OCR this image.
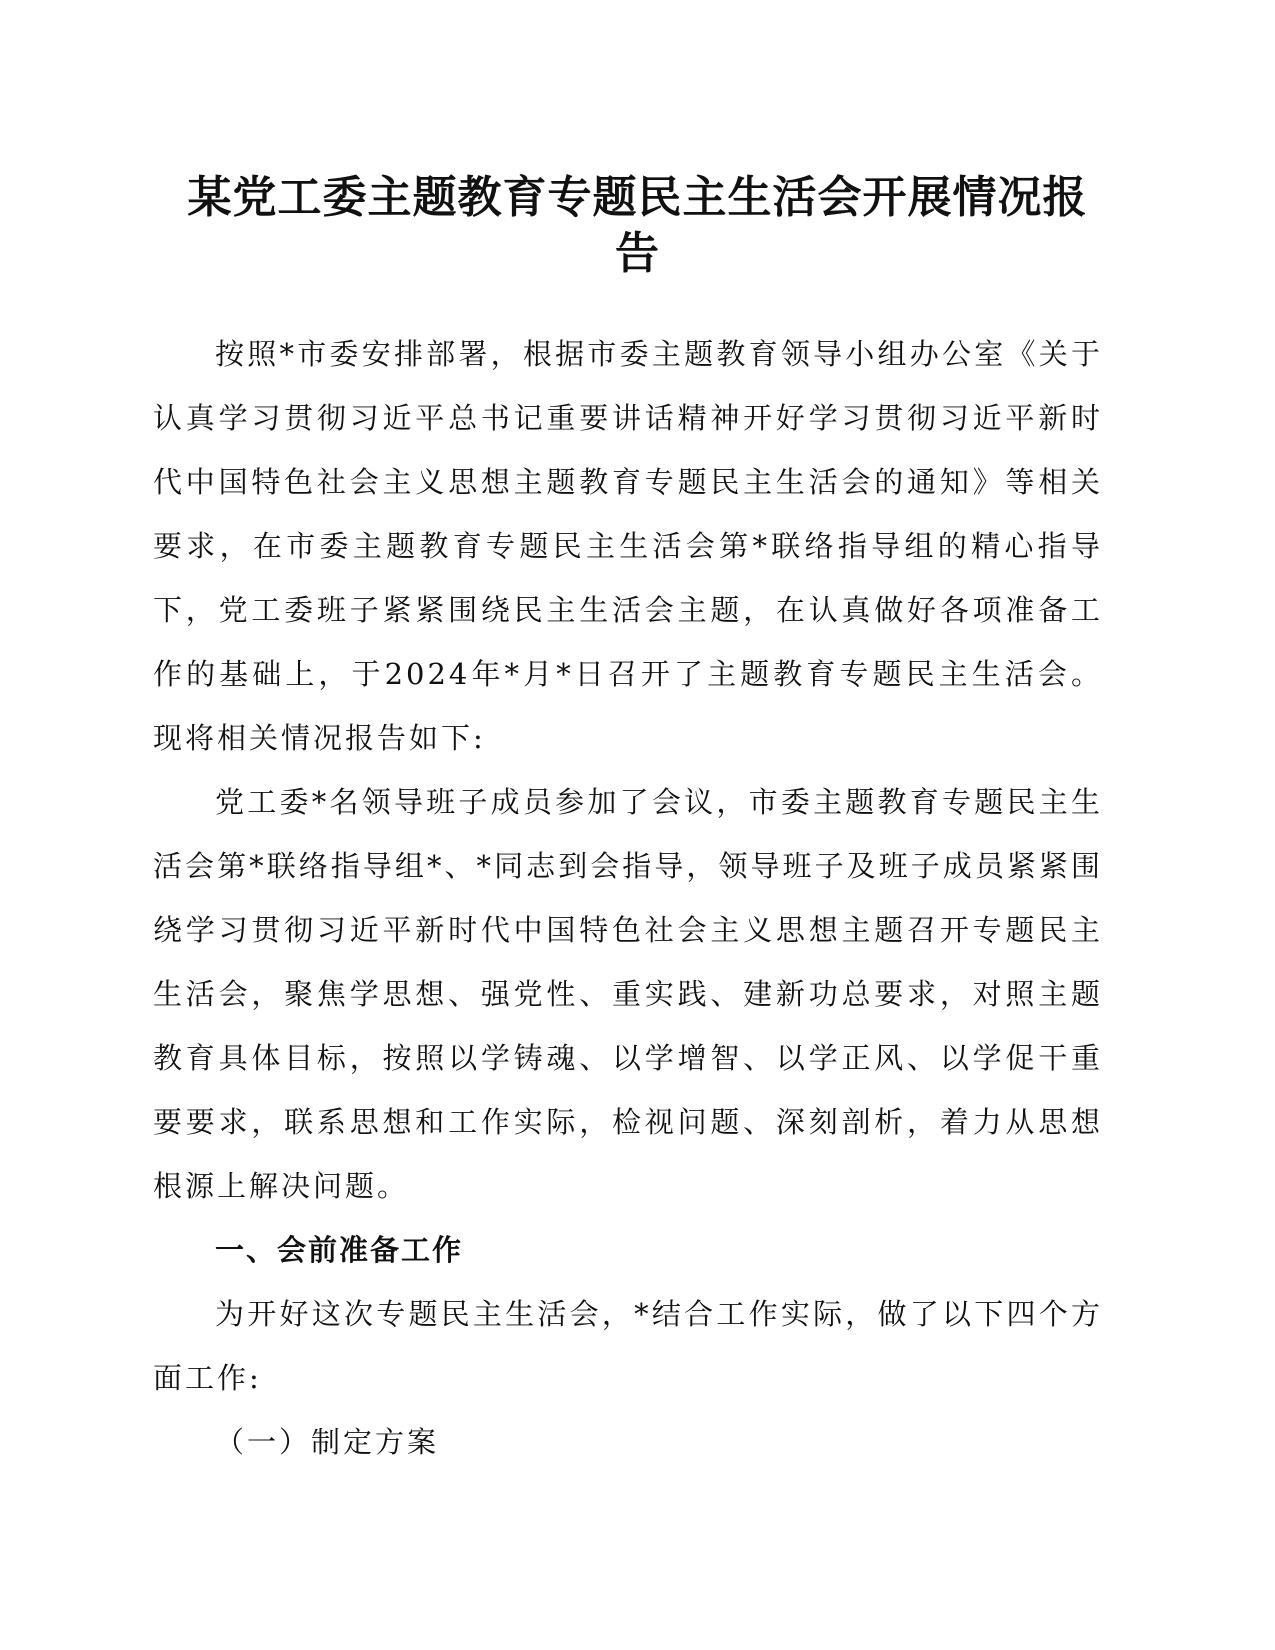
某党工委主题教育专题民主生活会开展情况报
告

按照*市委安排部署，根据市委主题教育领导小组办公室《关于认真学习贯彻习近平总书记重要讲话精神开好学习贯彻习近平新时代中国特色社会主义思想主题教育专题民主生活会的通知》等相关要求，在市委主题教育专题民主生活会第*联络指导组的精心指导下，党工委班子紧紧围绕民主生活会主题，在认真做好各项准备工作的基础上，于2024年*月*日召开了主题教育专题民主生活会。现将相关情况报告如下:

党工委*名领导班子成员参加了会议，市委主题教育专题民主生活会第*联络指导组*、*同志到会指导，领导班子及班子成员紧紧围绕学习贯彻习近平新时代中国特色社会主义思想主题召开专题民主生活会，聚焦学思想、强党性、重实践、建新功总要求，对照主题教育具体目标，按照以学铸魂、以学增智、以学正风、以学促干重要要求，联系思想和工作实际，检视问题、深刻剖析，着力从思想根源上解决问题。

一、会前准备工作

为开好这次专题民主生活会，*结合工作实际，做了以下四个方面工作:

（一）制定方案
